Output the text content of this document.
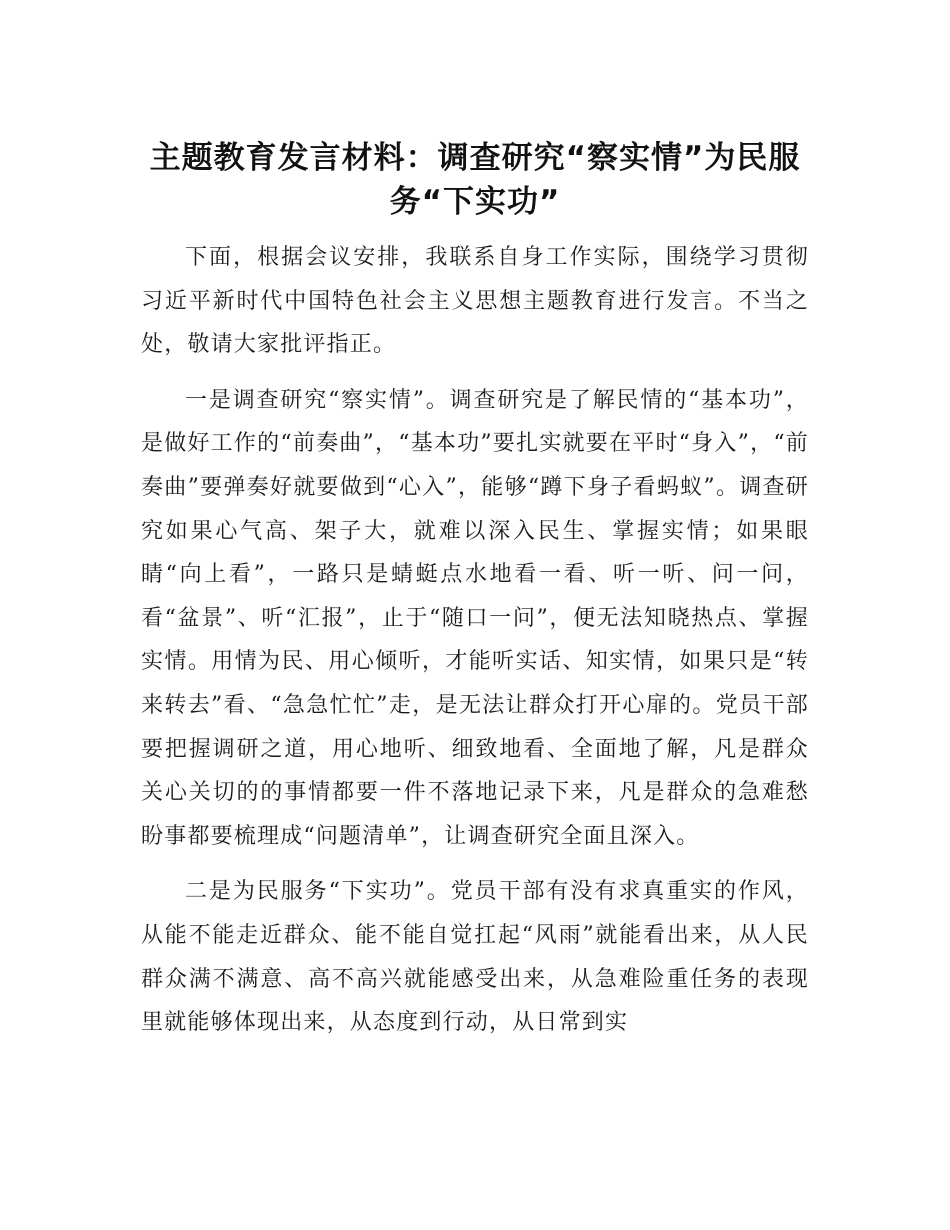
主题教育发言材料：调查研究“察实情”为民服务“下实功”

下面，根据会议安排，我联系自身工作实际，围绕学习贯彻习近平新时代中国特色社会主义思想主题教育进行发言。不当之处，敬请大家批评指正。

一是调查研究“察实情”。调查研究是了解民情的“基本功”，是做好工作的“前奏曲”，“基本功”要扎实就要在平时“身入”，“前奏曲”要弹奏好就要做到“心入”，能够“蹲下身子看蚂蚁”。调查研究如果心气高、架子大，就难以深入民生、掌握实情；如果眼睛“向上看”，一路只是蜻蜓点水地看一看、听一听、问一问，看“盆景”、听“汇报”，止于“随口一问”，便无法知晓热点、掌握实情。用情为民、用心倾听，才能听实话、知实情，如果只是“转来转去”看、“急急忙忙”走，是无法让群众打开心扉的。党员干部要把握调研之道，用心地听、细致地看、全面地了解，凡是群众关心关切的的事情都要一件不落地记录下来，凡是群众的急难愁盼事都要梳理成“问题清单”，让调查研究全面且深入。

二是为民服务“下实功”。党员干部有没有求真重实的作风，从能不能走近群众、能不能自觉扛起“风雨”就能看出来，从人民群众满不满意、高不高兴就能感受出来，从急难险重任务的表现里就能够体现出来，从态度到行动，从日常到实
